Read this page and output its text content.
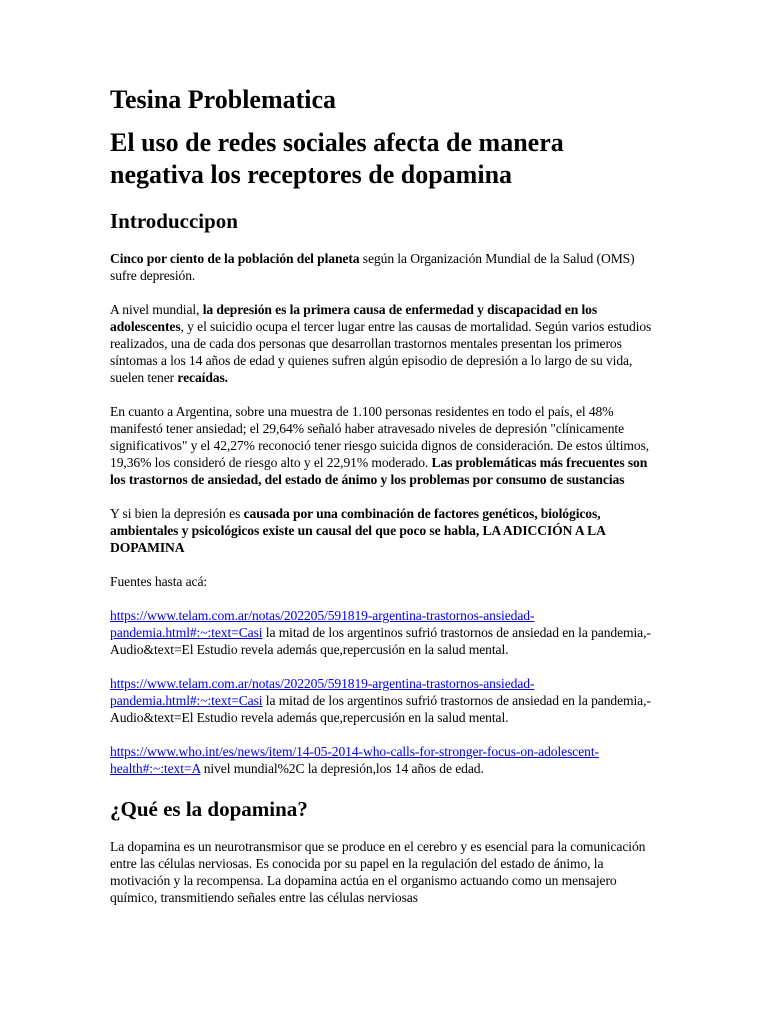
Tesina Problematica
El uso de redes sociales afecta de manera negativa los receptores de dopamina
Introduccipon

Cinco por ciento de la población del planeta según la Organización Mundial de la Salud (OMS) sufre depresión.

A nivel mundial, la depresión es la primera causa de enfermedad y discapacidad en los adolescentes, y el suicidio ocupa el tercer lugar entre las causas de mortalidad. Según varios estudios realizados, una de cada dos personas que desarrollan trastornos mentales presentan los primeros síntomas a los 14 años de edad y quienes sufren algún episodio de depresión a lo largo de su vida, suelen tener recaídas.

En cuanto a Argentina, sobre una muestra de 1.100 personas residentes en todo el país, el 48% manifestó tener ansiedad; el 29,64% señaló haber atravesado niveles de depresión "clínicamente significativos" y el 42,27% reconoció tener riesgo suicida dignos de consideración. De estos últimos, 19,36% los consideró de riesgo alto y el 22,91% moderado. Las problemáticas más frecuentes son los trastornos de ansiedad, del estado de ánimo y los problemas por consumo de sustancias

Y si bien la depresión es causada por una combinación de factores genéticos, biológicos, ambientales y psicológicos existe un causal del que poco se habla, LA ADICCIÓN A LA DOPAMINA

Fuentes hasta acá:

https://www.telam.com.ar/notas/202205/591819-argentina-trastornos-ansiedad-pandemia.html#:~:text=Casi la mitad de los argentinos sufrió trastornos de ansiedad en la pandemia,-Audio&text=El Estudio revela además que,repercusión en la salud mental.

https://www.telam.com.ar/notas/202205/591819-argentina-trastornos-ansiedad-pandemia.html#:~:text=Casi la mitad de los argentinos sufrió trastornos de ansiedad en la pandemia,-Audio&text=El Estudio revela además que,repercusión en la salud mental.

https://www.who.int/es/news/item/14-05-2014-who-calls-for-stronger-focus-on-adolescent-health#:~:text=A nivel mundial%2C la depresión,los 14 años de edad.

¿Qué es la dopamina?

La dopamina es un neurotransmisor que se produce en el cerebro y es esencial para la comunicación entre las células nerviosas. Es conocida por su papel en la regulación del estado de ánimo, la motivación y la recompensa. La dopamina actúa en el organismo actuando como un mensajero químico, transmitiendo señales entre las células nerviosas
